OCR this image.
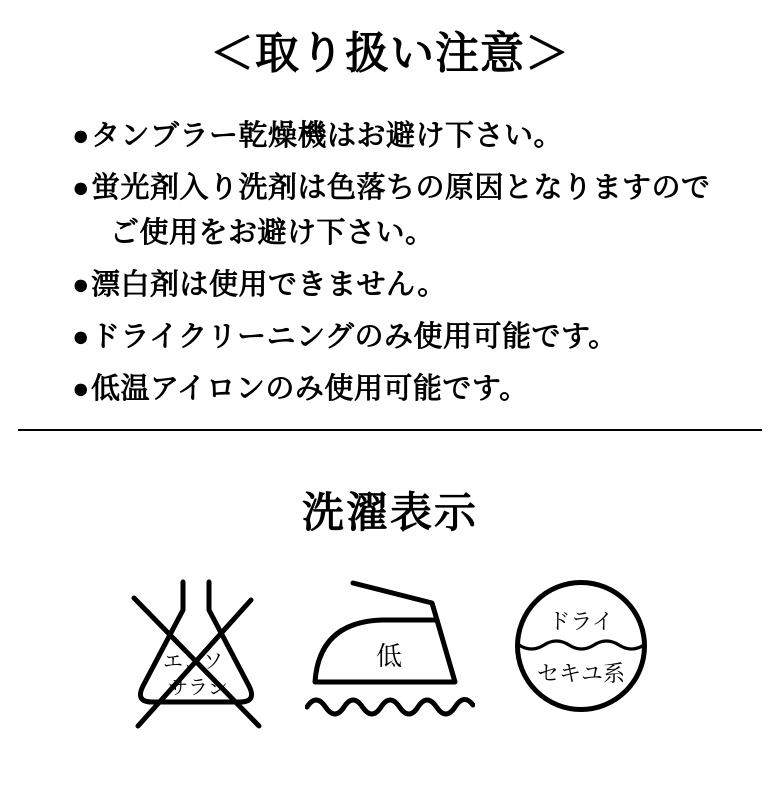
＜取り扱い注意＞
● タンブラー乾燥機はお避け下さい。
● 蛍光剤入り洗剤は色落ちの原因となりますので
ご使用をお避け下さい。
● 漂白剤は使用できません。
● ドライクリーニングのみ使用可能です。
● 低温アイロンのみ使用可能です。
洗濯表示
エンソ
サラシ
低
ドライ
セキユ系
